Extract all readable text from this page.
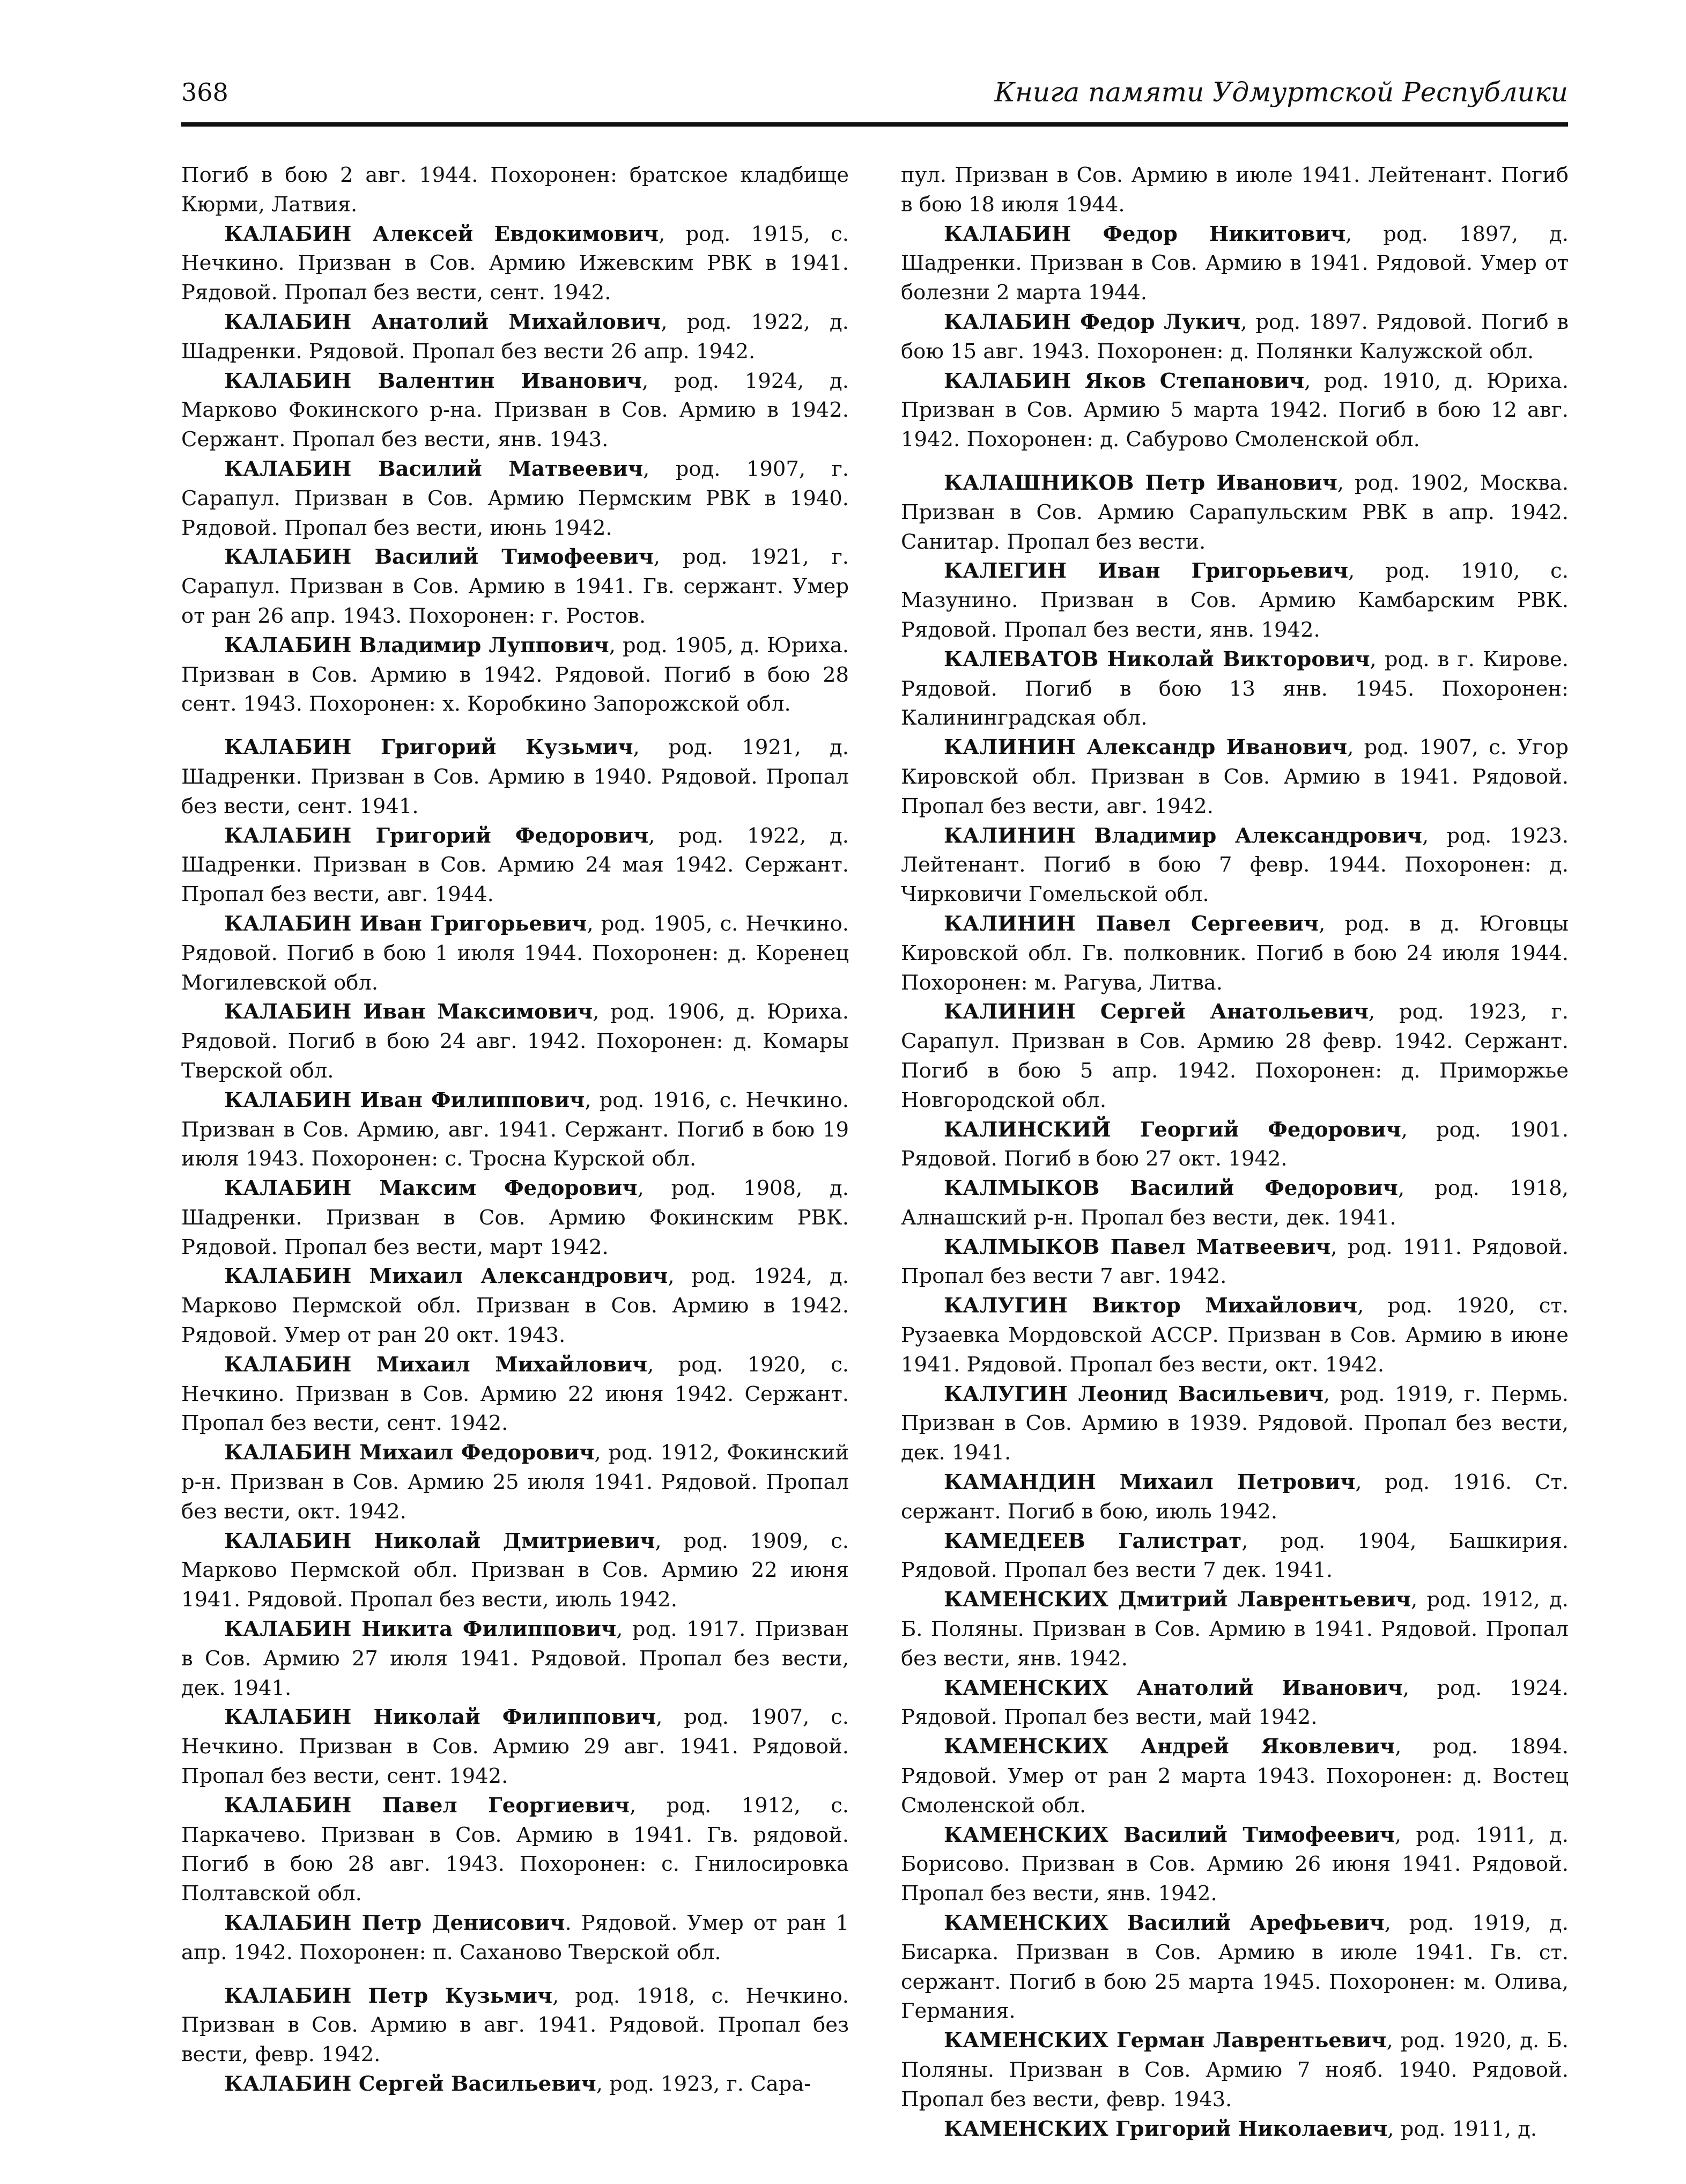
368	Книга памяти Удмуртской Республики

Погиб в бою 2 авг. 1944. Похоронен: братское кладбище Кюрми, Латвия.

КАЛАБИН Алексей Евдокимович, род. 1915, с. Нечкино. Призван в Сов. Армию Ижевским РВК в 1941. Рядовой. Пропал без вести, сент. 1942.

КАЛАБИН Анатолий Михайлович, род. 1922, д. Шадренки. Рядовой. Пропал без вести 26 апр. 1942.

КАЛАБИН Валентин Иванович, род. 1924, д. Марково Фокинского р-на. Призван в Сов. Армию в 1942. Сержант. Пропал без вести, янв. 1943.

КАЛАБИН Василий Матвеевич, род. 1907, г. Сарапул. Призван в Сов. Армию Пермским РВК в 1940. Рядовой. Пропал без вести, июнь 1942.

КАЛАБИН Василий Тимофеевич, род. 1921, г. Сарапул. Призван в Сов. Армию в 1941. Гв. сержант. Умер от ран 26 апр. 1943. Похоронен: г. Ростов.

КАЛАБИН Владимир Луппович, род. 1905, д. Юриха. Призван в Сов. Армию в 1942. Рядовой. Погиб в бою 28 сент. 1943. Похоронен: х. Коробкино Запорожской обл.

КАЛАБИН Григорий Кузьмич, род. 1921, д. Шадренки. Призван в Сов. Армию в 1940. Рядовой. Пропал без вести, сент. 1941.

КАЛАБИН Григорий Федорович, род. 1922, д. Шадренки. Призван в Сов. Армию 24 мая 1942. Сержант. Пропал без вести, авг. 1944.

КАЛАБИН Иван Григорьевич, род. 1905, с. Нечкино. Рядовой. Погиб в бою 1 июля 1944. Похоронен: д. Коренец Могилевской обл.

КАЛАБИН Иван Максимович, род. 1906, д. Юриха. Рядовой. Погиб в бою 24 авг. 1942. Похоронен: д. Комары Тверской обл.

КАЛАБИН Иван Филиппович, род. 1916, с. Нечкино. Призван в Сов. Армию, авг. 1941. Сержант. Погиб в бою 19 июля 1943. Похоронен: с. Тросна Курской обл.

КАЛАБИН Максим Федорович, род. 1908, д. Шадренки. Призван в Сов. Армию Фокинским РВК. Рядовой. Пропал без вести, март 1942.

КАЛАБИН Михаил Александрович, род. 1924, д. Марково Пермской обл. Призван в Сов. Армию в 1942. Рядовой. Умер от ран 20 окт. 1943.

КАЛАБИН Михаил Михайлович, род. 1920, с. Нечкино. Призван в Сов. Армию 22 июня 1942. Сержант. Пропал без вести, сент. 1942.

КАЛАБИН Михаил Федорович, род. 1912, Фокинский р-н. Призван в Сов. Армию 25 июля 1941. Рядовой. Пропал без вести, окт. 1942.

КАЛАБИН Николай Дмитриевич, род. 1909, с. Марково Пермской обл. Призван в Сов. Армию 22 июня 1941. Рядовой. Пропал без вести, июль 1942.

КАЛАБИН Никита Филиппович, род. 1917. Призван в Сов. Армию 27 июля 1941. Рядовой. Пропал без вести, дек. 1941.

КАЛАБИН Николай Филиппович, род. 1907, с. Нечкино. Призван в Сов. Армию 29 авг. 1941. Рядовой. Пропал без вести, сент. 1942.

КАЛАБИН Павел Георгиевич, род. 1912, с. Паркачево. Призван в Сов. Армию в 1941. Гв. рядовой. Погиб в бою 28 авг. 1943. Похоронен: с. Гнилосировка Полтавской обл.

КАЛАБИН Петр Денисович. Рядовой. Умер от ран 1 апр. 1942. Похоронен: п. Саханово Тверской обл.

КАЛАБИН Петр Кузьмич, род. 1918, с. Нечкино. Призван в Сов. Армию в авг. 1941. Рядовой. Пропал без вести, февр. 1942.

КАЛАБИН Сергей Васильевич, род. 1923, г. Сара-

пул. Призван в Сов. Армию в июле 1941. Лейтенант. Погиб в бою 18 июля 1944.

КАЛАБИН Федор Никитович, род. 1897, д. Шадренки. Призван в Сов. Армию в 1941. Рядовой. Умер от болезни 2 марта 1944.

КАЛАБИН Федор Лукич, род. 1897. Рядовой. Погиб в бою 15 авг. 1943. Похоронен: д. Полянки Калужской обл.

КАЛАБИН Яков Степанович, род. 1910, д. Юриха. Призван в Сов. Армию 5 марта 1942. Погиб в бою 12 авг. 1942. Похоронен: д. Сабурово Смоленской обл.

КАЛАШНИКОВ Петр Иванович, род. 1902, Москва. Призван в Сов. Армию Сарапульским РВК в апр. 1942. Санитар. Пропал без вести.

КАЛЕГИН Иван Григорьевич, род. 1910, с. Мазунино. Призван в Сов. Армию Камбарским РВК. Рядовой. Пропал без вести, янв. 1942.

КАЛЕВАТОВ Николай Викторович, род. в г. Кирове. Рядовой. Погиб в бою 13 янв. 1945. Похоронен: Калининградская обл.

КАЛИНИН Александр Иванович, род. 1907, с. Угор Кировской обл. Призван в Сов. Армию в 1941. Рядовой. Пропал без вести, авг. 1942.

КАЛИНИН Владимир Александрович, род. 1923. Лейтенант. Погиб в бою 7 февр. 1944. Похоронен: д. Чирковичи Гомельской обл.

КАЛИНИН Павел Сергеевич, род. в д. Юговцы Кировской обл. Гв. полковник. Погиб в бою 24 июля 1944. Похоронен: м. Рагува, Литва.

КАЛИНИН Сергей Анатольевич, род. 1923, г. Сарапул. Призван в Сов. Армию 28 февр. 1942. Сержант. Погиб в бою 5 апр. 1942. Похоронен: д. Приморжье Новгородской обл.

КАЛИНСКИЙ Георгий Федорович, род. 1901. Рядовой. Погиб в бою 27 окт. 1942.

КАЛМЫКОВ Василий Федорович, род. 1918, Алнашский р-н. Пропал без вести, дек. 1941.

КАЛМЫКОВ Павел Матвеевич, род. 1911. Рядовой. Пропал без вести 7 авг. 1942.

КАЛУГИН Виктор Михайлович, род. 1920, ст. Рузаевка Мордовской АССР. Призван в Сов. Армию в июне 1941. Рядовой. Пропал без вести, окт. 1942.

КАЛУГИН Леонид Васильевич, род. 1919, г. Пермь. Призван в Сов. Армию в 1939. Рядовой. Пропал без вести, дек. 1941.

КАМАНДИН Михаил Петрович, род. 1916. Ст. сержант. Погиб в бою, июль 1942.

КАМЕДЕЕВ Галистрат, род. 1904, Башкирия. Рядовой. Пропал без вести 7 дек. 1941.

КАМЕНСКИХ Дмитрий Лаврентьевич, род. 1912, д. Б. Поляны. Призван в Сов. Армию в 1941. Рядовой. Пропал без вести, янв. 1942.

КАМЕНСКИХ Анатолий Иванович, род. 1924. Рядовой. Пропал без вести, май 1942.

КАМЕНСКИХ Андрей Яковлевич, род. 1894. Рядовой. Умер от ран 2 марта 1943. Похоронен: д. Востец Смоленской обл.

КАМЕНСКИХ Василий Тимофеевич, род. 1911, д. Борисово. Призван в Сов. Армию 26 июня 1941. Рядовой. Пропал без вести, янв. 1942.

КАМЕНСКИХ Василий Арефьевич, род. 1919, д. Бисарка. Призван в Сов. Армию в июле 1941. Гв. ст. сержант. Погиб в бою 25 марта 1945. Похоронен: м. Олива, Германия.

КАМЕНСКИХ Герман Лаврентьевич, род. 1920, д. Б. Поляны. Призван в Сов. Армию 7 нояб. 1940. Рядовой. Пропал без вести, февр. 1943.

КАМЕНСКИХ Григорий Николаевич, род. 1911, д.
